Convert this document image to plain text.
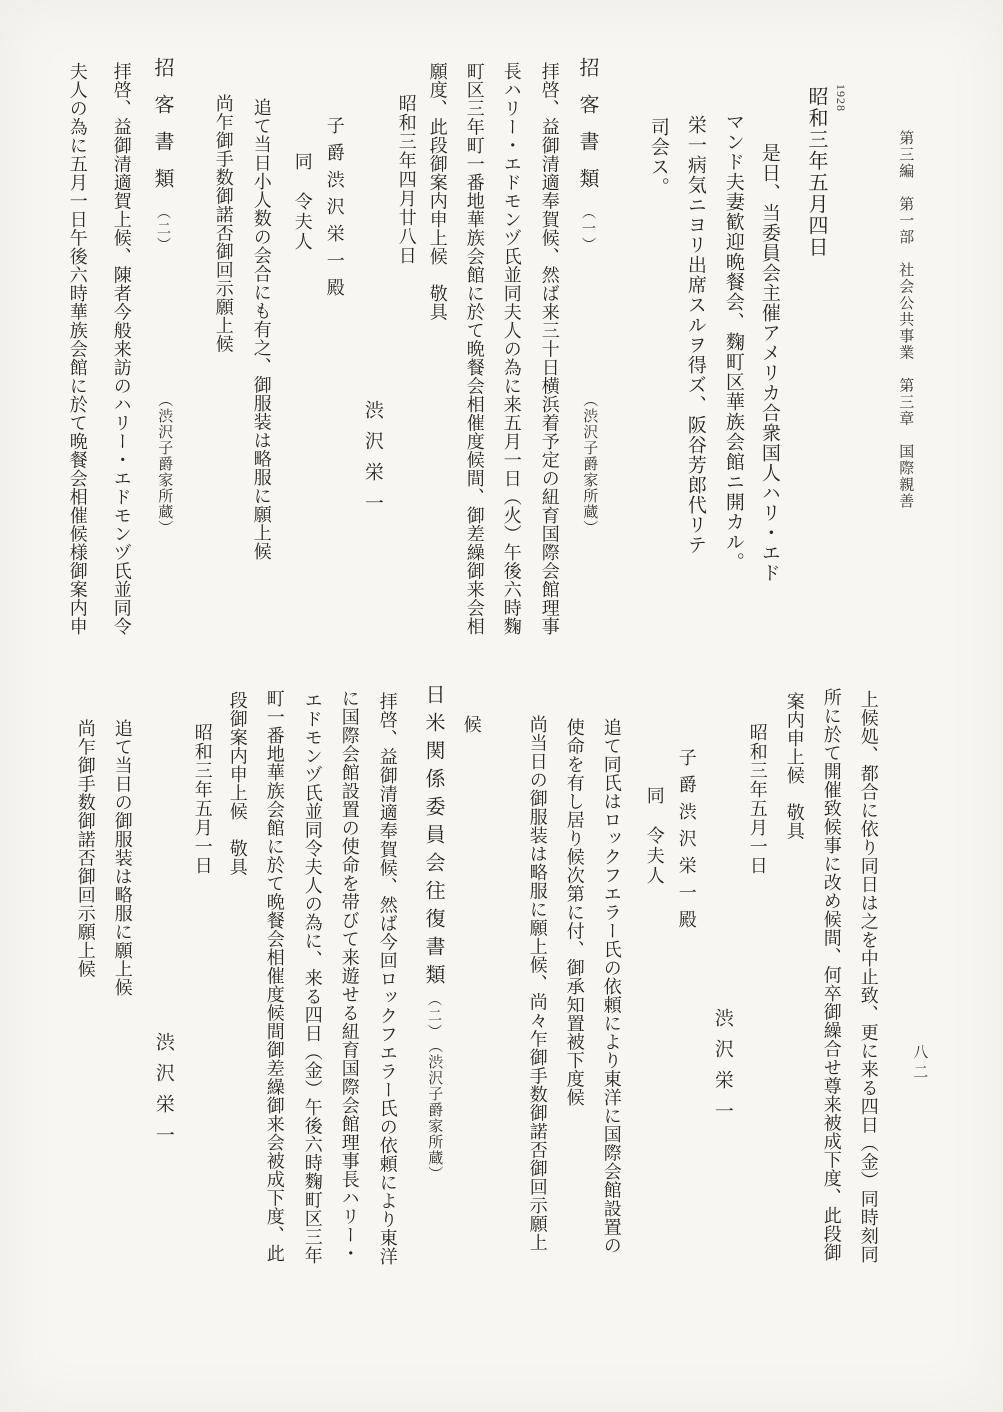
第三編　第一部　社会公共事業　第三章　国際親善
八二
1928
昭和三年五月四日
是日、当委員会主催アメリカ合衆国人ハリ・エド
マンド夫妻歓迎晩餐会、麴町区華族会館ニ開カル。
栄一病気ニヨリ出席スルヲ得ズ、阪谷芳郎代リテ
司会ス。
招客書類（一）
（渋沢子爵家所蔵）
拝啓、益御清適奉賀候、然ば来三十日横浜着予定の紐育国際会館理事
長ハリー・エドモンヅ氏並同夫人の為に来五月一日（火）午後六時麴
町区三年町一番地華族会館に於て晩餐会相催度候間、御差繰御来会相
願度、此段御案内申上候　敬具
昭和三年四月廿八日
渋沢栄一
子爵渋沢栄一殿
同　令夫人
追て当日小人数の会合にも有之、御服装は略服に願上候
尚乍御手数御諾否御回示願上候
招客書類（二）
（渋沢子爵家所蔵）
拝啓、益御清適賀上候、陳者今般来訪のハリー・エドモンヅ氏並同令
夫人の為に五月一日午後六時華族会館に於て晩餐会相催候様御案内申
上候処、都合に依り同日は之を中止致、更に来る四日（金）同時刻同
所に於て開催致候事に改め候間、何卒御繰合せ尊来被成下度、此段御
案内申上候　敬具
昭和三年五月一日
渋沢栄一
子爵渋沢栄一殿
同　令夫人
追て同氏はロックフエラー氏の依頼により東洋に国際会館設置の
使命を有し居り候次第に付、御承知置被下度候
尚当日の御服装は略服に願上候、尚々乍御手数御諾否御回示願上
候
日米関係委員会往復書類（二）
（渋沢子爵家所蔵）
拝啓、益御清適奉賀候、然ば今回ロックフエラー氏の依頼により東洋
に国際会館設置の使命を帯びて来遊せる紐育国際会館理事長ハリー・
エドモンヅ氏並同令夫人の為に、来る四日（金）午後六時麴町区三年
町一番地華族会館に於て晩餐会相催度候間御差繰御来会被成下度、此
段御案内申上候　敬具
昭和三年五月一日
渋沢栄一
追て当日の御服装は略服に願上候
尚乍御手数御諾否御回示願上候
